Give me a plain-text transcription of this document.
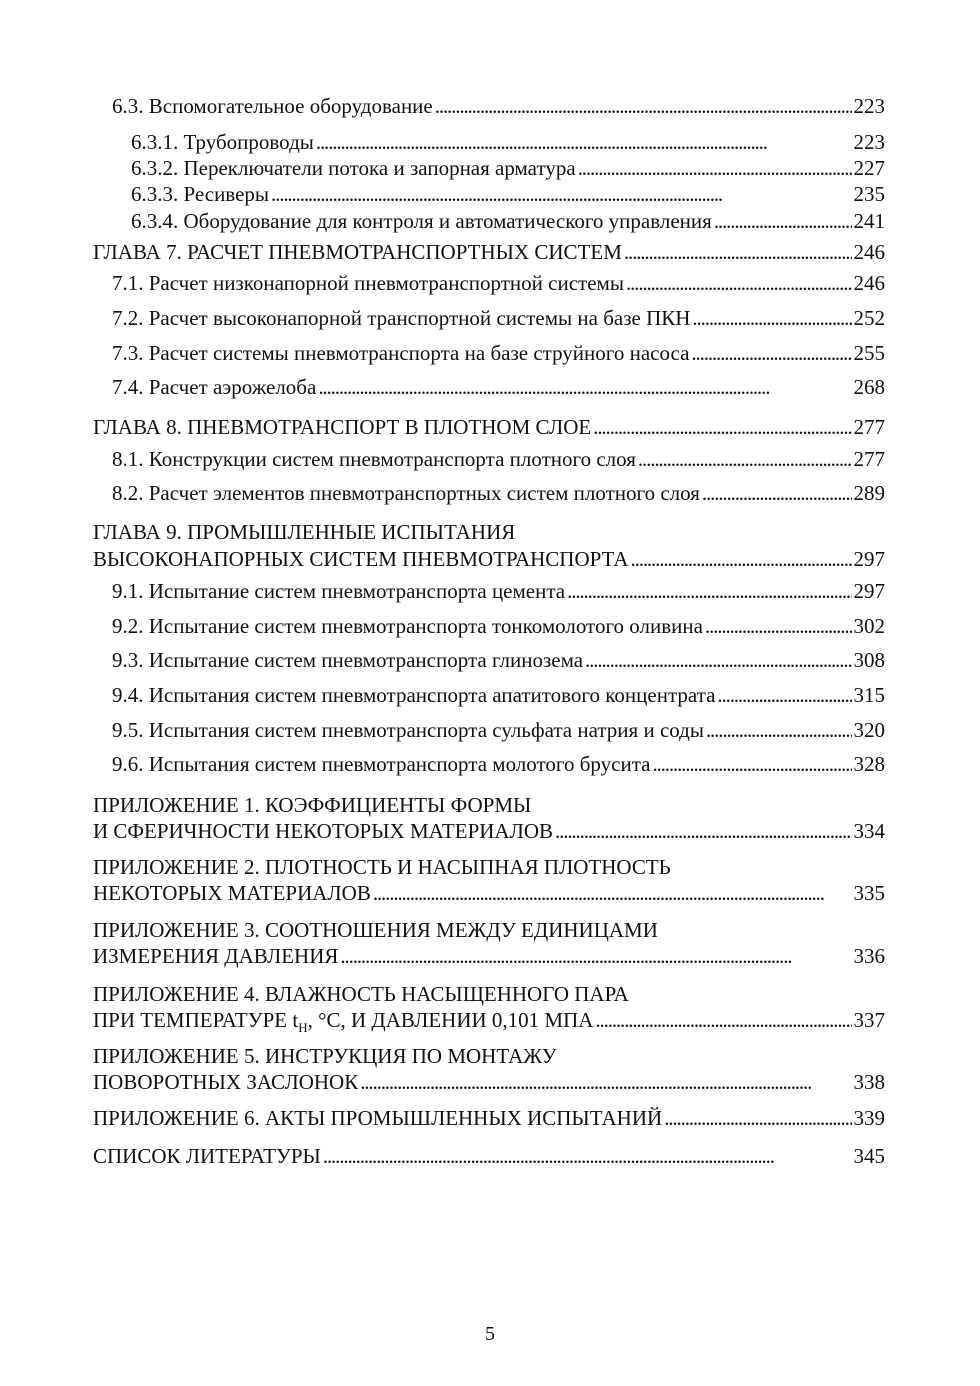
6.3. Вспомогательное оборудование . . .	223
6.3.1. Трубопроводы . . .	223
6.3.2. Переключатели потока и запорная арматура . . .	227
6.3.3. Ресиверы . . .	235
6.3.4. Оборудование для контроля и автоматического управления . . .	241
ГЛАВА 7. РАСЧЕТ ПНЕВМОТРАНСПОРТНЫХ СИСТЕМ . . .	246
7.1. Расчет низконапорной пневмотранспортной системы . . .	246
7.2. Расчет высоконапорной транспортной системы на базе ПКН . . .	252
7.3. Расчет системы пневмотранспорта на базе струйного насоса . . .	255
7.4. Расчет аэрожелоба . . .	268
ГЛАВА 8. ПНЕВМОТРАНСПОРТ В ПЛОТНОМ СЛОЕ . . .	277
8.1. Конструкции систем пневмотранспорта плотного слоя . . .	277
8.2. Расчет элементов пневмотранспортных систем плотного слоя . . .	289
ГЛАВА 9. ПРОМЫШЛЕННЫЕ ИСПЫТАНИЯ
ВЫСОКОНАПОРНЫХ СИСТЕМ ПНЕВМОТРАНСПОРТА . . .	297
9.1. Испытание систем пневмотранспорта цемента . . .	297
9.2. Испытание систем пневмотранспорта тонкомолотого оливина . . .	302
9.3. Испытание систем пневмотранспорта глинозема . . .	308
9.4. Испытания систем пневмотранспорта апатитового концентрата . . .	315
9.5. Испытания систем пневмотранспорта сульфата натрия и соды . . .	320
9.6. Испытания систем пневмотранспорта молотого брусита . . .	328
ПРИЛОЖЕНИЕ 1. КОЭФФИЦИЕНТЫ ФОРМЫ
И СФЕРИЧНОСТИ НЕКОТОРЫХ МАТЕРИАЛОВ . . .	334
ПРИЛОЖЕНИЕ 2. ПЛОТНОСТЬ И НАСЫПНАЯ ПЛОТНОСТЬ
НЕКОТОРЫХ МАТЕРИАЛОВ . . .	335
ПРИЛОЖЕНИЕ 3. СООТНОШЕНИЯ МЕЖДУ ЕДИНИЦАМИ
ИЗМЕРЕНИЯ ДАВЛЕНИЯ . . .	336
ПРИЛОЖЕНИЕ 4. ВЛАЖНОСТЬ НАСЫЩЕННОГО ПАРА
ПРИ ТЕМПЕРАТУРЕ $t_Н$, °С, И ДАВЛЕНИИ 0,101 МПА . . .	337
ПРИЛОЖЕНИЕ 5. ИНСТРУКЦИЯ ПО МОНТАЖУ
ПОВОРОТНЫХ ЗАСЛОНОК . . .	338
ПРИЛОЖЕНИЕ 6. АКТЫ ПРОМЫШЛЕННЫХ ИСПЫТАНИЙ . . .	339
СПИСОК ЛИТЕРАТУРЫ . . .	345
5
